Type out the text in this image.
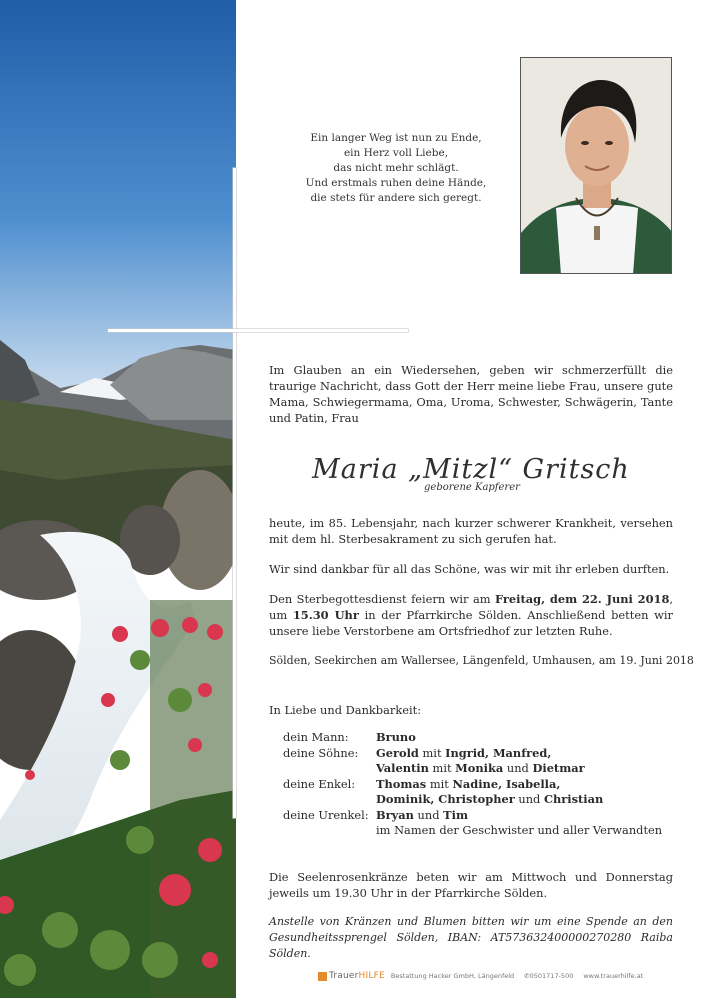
Ein langer Weg ist nun zu Ende,
ein Herz voll Liebe,
das nicht mehr schlägt.
Und erstmals ruhen deine Hände,
die stets für andere sich geregt.
Im Glauben an ein Wiedersehen, geben wir schmerzerfüllt die traurige Nachricht, dass Gott der Herr meine liebe Frau, unsere gute Mama, Schwiegermama, Oma, Uroma, Schwester, Schwägerin, Tante und Patin, Frau
Maria „Mitzl“ Gritsch
geborene Kapferer
heute, im 85. Lebensjahr, nach kurzer schwerer Krankheit, versehen mit dem hl. Sterbesakrament zu sich gerufen hat.
Wir sind dankbar für all das Schöne, was wir mit ihr erleben durften.
Den Sterbegottesdienst feiern wir am Freitag, dem 22. Juni 2018, um 15.30 Uhr in der Pfarrkirche Sölden. Anschließend betten wir unsere liebe Verstorbene am Ortsfriedhof zur letzten Ruhe.
Sölden, Seekirchen am Wallersee, Längenfeld, Umhausen, am 19. Juni 2018
In Liebe und Dankbarkeit:
dein Mann:	Bruno
deine Söhne:	Gerold mit Ingrid, Manfred,
Valentin mit Monika und Dietmar
deine Enkel:	Thomas mit Nadine, Isabella,
Dominik, Christopher und Christian
deine Urenkel: Bryan und Tim
im Namen der Geschwister und aller Verwandten
Die Seelenrosenkränze beten wir am Mittwoch und Donnerstag jeweils um 19.30 Uhr in der Pfarrkirche Sölden.
Anstelle von Kränzen und Blumen bitten wir um eine Spende an den Gesundheitssprengel Sölden, IBAN: AT573632400000270280 Raiba Sölden.
TrauerHILFE Bestattung Hacker GmbH, Längenfeld ✆0501717-500 www.trauerhilfe.at
